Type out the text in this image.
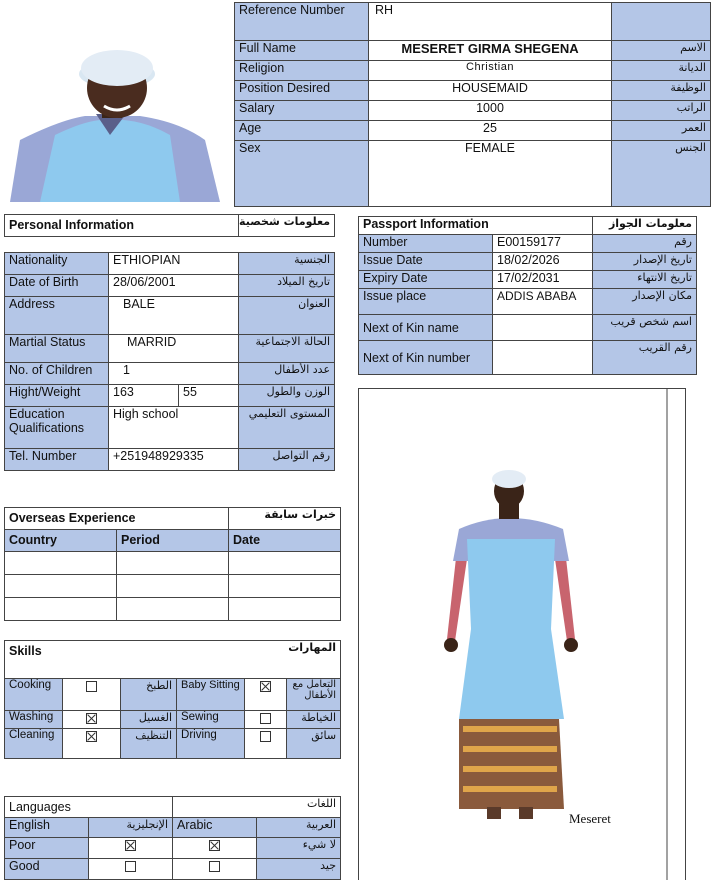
Reference Number	RH	
Full Name	MESERET GIRMA SHEGENA	الاسم
Religion	Christian	الديانة
Position Desired	HOUSEMAID	الوظيفة
Salary	1000	الراتب
Age	25	العمر
Sex	FEMALE	الجنس
Personal Information			معلومات شخصية

Nationality	ETHIOPIAN		الجنسية
Date of Birth	28/06/2001		تاريخ الميلاد
Address	BALE		العنوان
Martial Status	MARRID		الحالة الاجتماعية
No. of Children	1		عدد الأطفال
Hight/Weight	163	55	الوزن والطول
Education Qualifications	High school		المستوى التعليمي
Tel. Number	+251948929335		رقم التواصل
Passport Information		معلومات الجواز
Number	E00159177	رقم
Issue Date	18/02/2026	تاريخ الإصدار
Expiry Date	17/02/2031	تاريخ الانتهاء
Issue place	ADDIS ABABA	مكان الإصدار
Next of Kin name		اسم شخص قريب
Next of Kin number		رقم القريب
Meseret
Overseas Experience		خبرات سابقة
Country	Period	Date

Skills			المهارات		
Cooking		الطبخ	Baby Sitting		التعامل مع الأطفال
Washing		الغسيل	Sewing		الخياطة
Cleaning		التنظيف	Driving		سائق
Languages		اللغات	
English	الإنجليزية	Arabic	العربية
Poor			لا شيء
Good			جيد
